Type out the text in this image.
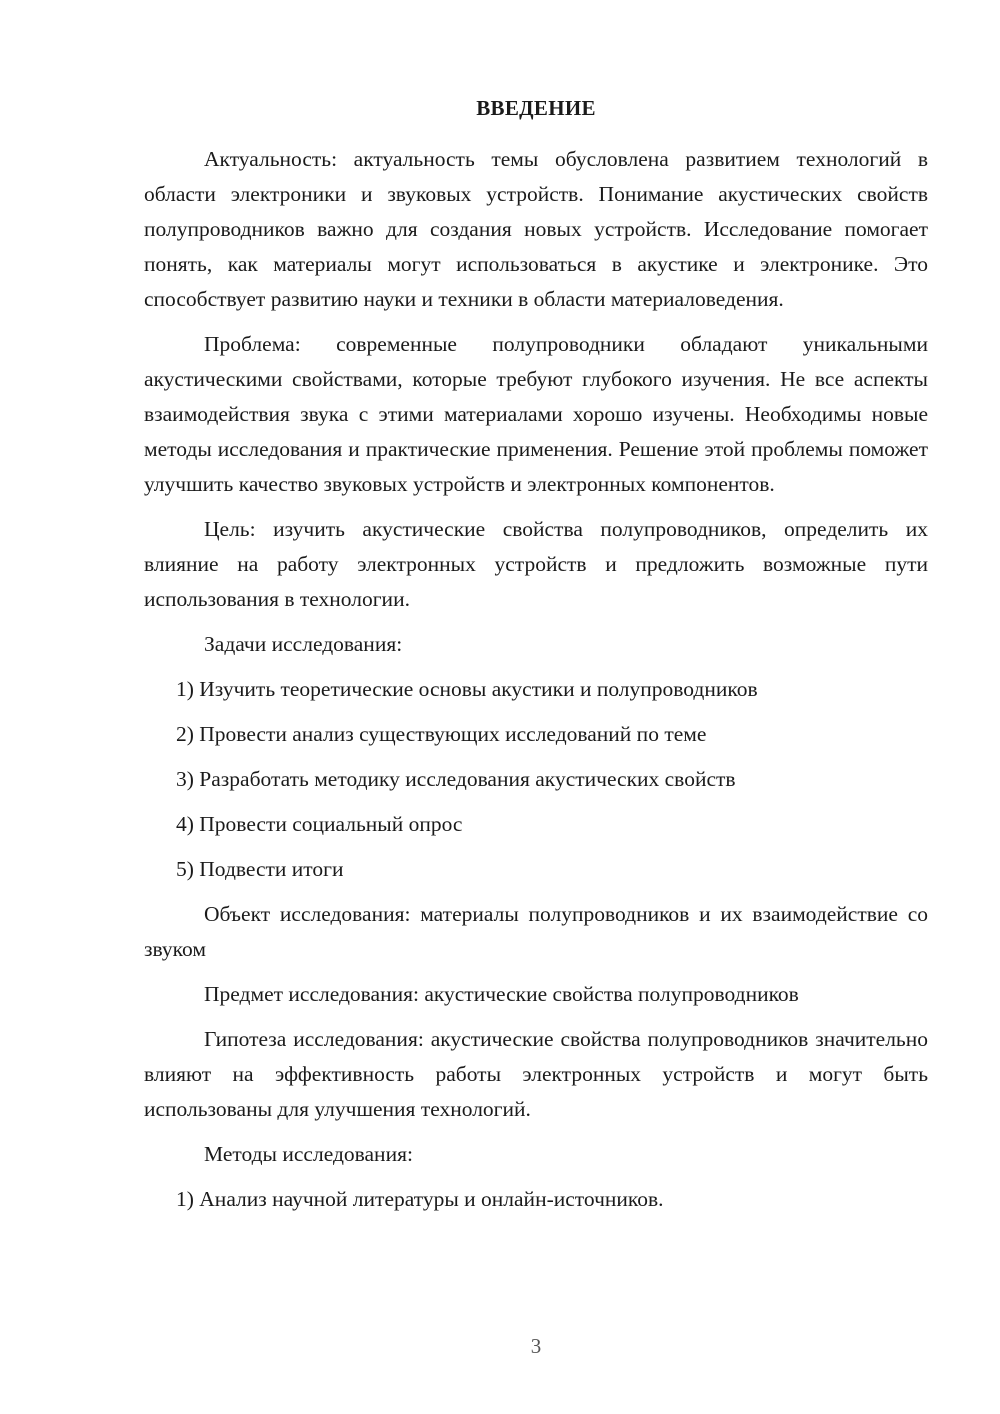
ВВЕДЕНИЕ

Актуальность: актуальность темы обусловлена развитием технологий в области электроники и звуковых устройств. Понимание акустических свойств полупроводников важно для создания новых устройств. Исследование помогает понять, как материалы могут использоваться в акустике и электронике. Это способствует развитию науки и техники в области материаловедения.

Проблема: современные полупроводники обладают уникальными акустическими свойствами, которые требуют глубокого изучения. Не все аспекты взаимодействия звука с этими материалами хорошо изучены. Необходимы новые методы исследования и практические применения. Решение этой проблемы поможет улучшить качество звуковых устройств и электронных компонентов.

Цель: изучить акустические свойства полупроводников, определить их влияние на работу электронных устройств и предложить возможные пути использования в технологии.

Задачи исследования:

1) Изучить теоретические основы акустики и полупроводников

2) Провести анализ существующих исследований по теме

3) Разработать методику исследования акустических свойств

4) Провести социальный опрос

5) Подвести итоги

Объект исследования: материалы полупроводников и их взаимодействие со звуком

Предмет исследования: акустические свойства полупроводников

Гипотеза исследования: акустические свойства полупроводников значительно влияют на эффективность работы электронных устройств и могут быть использованы для улучшения технологий.

Методы исследования:

1) Анализ научной литературы и онлайн-источников.

3
